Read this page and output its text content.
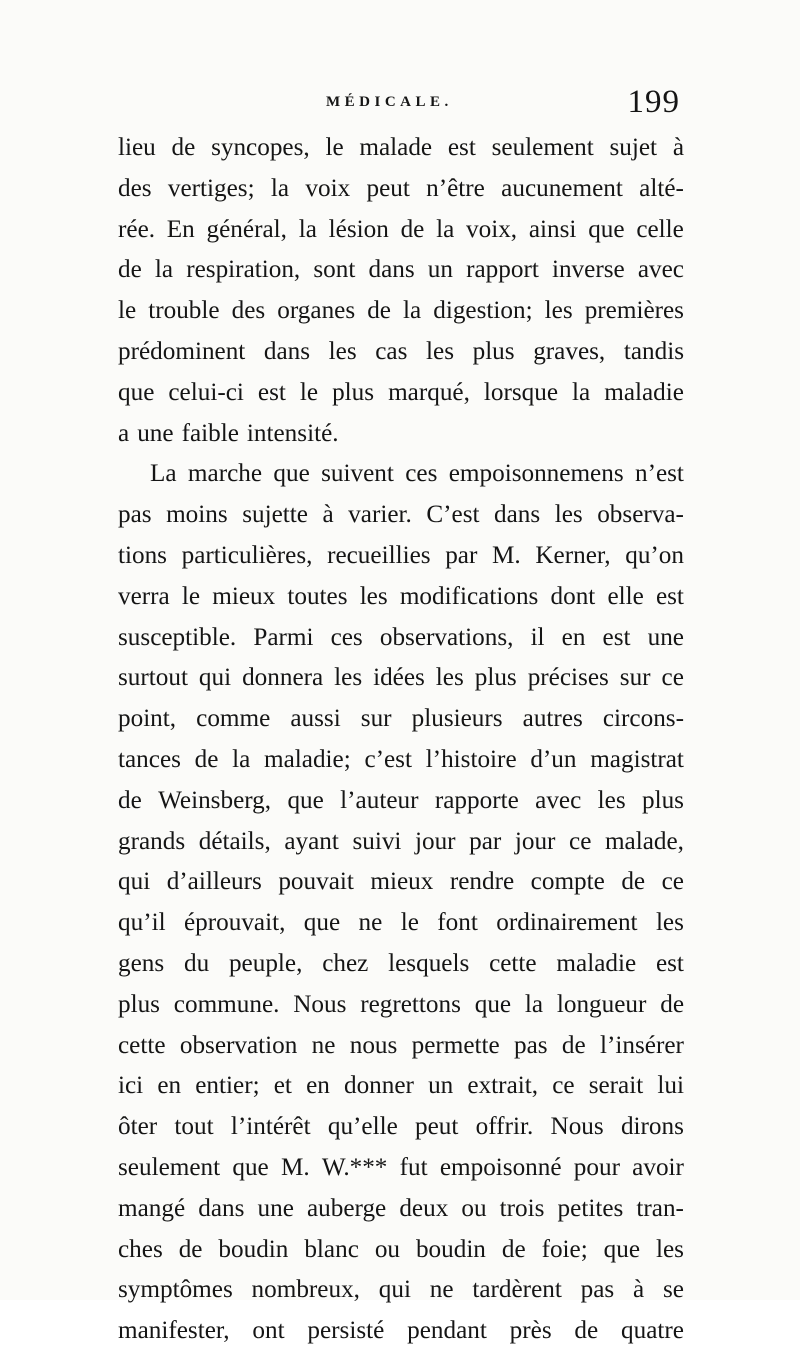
MÉDICALE.	199
lieu de syncopes, le malade est seulement sujet à
des vertiges; la voix peut n’être aucunement alté-
rée. En général, la lésion de la voix, ainsi que celle
de la respiration, sont dans un rapport inverse avec
le trouble des organes de la digestion; les premières
prédominent dans les cas les plus graves, tandis
que celui-ci est le plus marqué, lorsque la maladie
a une faible intensité.
La marche que suivent ces empoisonnemens n’est
pas moins sujette à varier. C’est dans les observa-
tions particulières, recueillies par M. Kerner, qu’on
verra le mieux toutes les modifications dont elle est
susceptible. Parmi ces observations, il en est une
surtout qui donnera les idées les plus précises sur ce
point, comme aussi sur plusieurs autres circons-
tances de la maladie; c’est l’histoire d’un magistrat
de Weinsberg, que l’auteur rapporte avec les plus
grands détails, ayant suivi jour par jour ce malade,
qui d’ailleurs pouvait mieux rendre compte de ce
qu’il éprouvait, que ne le font ordinairement les
gens du peuple, chez lesquels cette maladie est
plus commune. Nous regrettons que la longueur de
cette observation ne nous permette pas de l’insérer
ici en entier; et en donner un extrait, ce serait lui
ôter tout l’intérêt qu’elle peut offrir. Nous dirons
seulement que M. W.*** fut empoisonné pour avoir
mangé dans une auberge deux ou trois petites tran-
ches de boudin blanc ou boudin de foie; que les
symptômes nombreux, qui ne tardèrent pas à se
manifester, ont persisté pendant près de quatre
